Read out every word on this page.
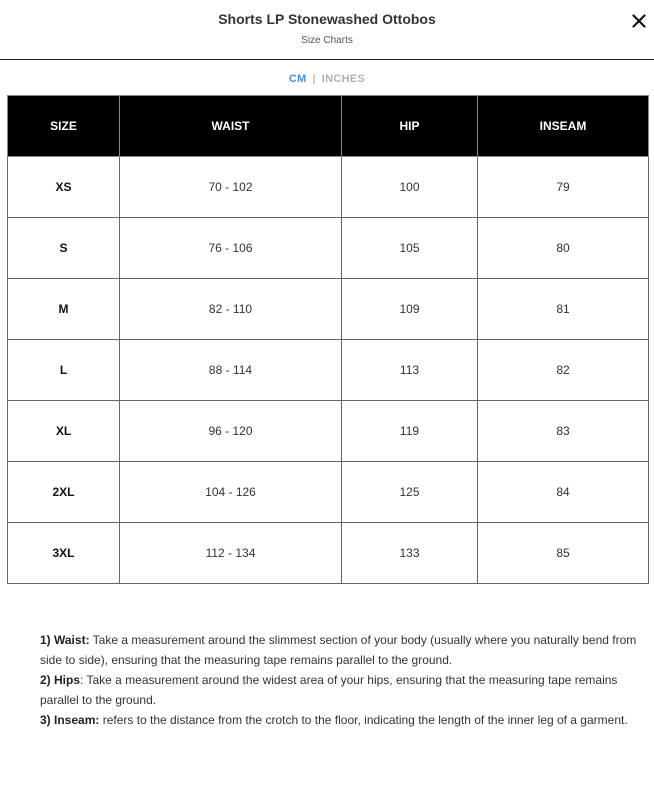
Shorts LP Stonewashed Ottobos
Size Charts
CM | INCHES
SIZE	WAIST	HIP	INSEAM
XS	70 - 102	100	79
S	76 - 106	105	80
M	82 - 110	109	81
L	88 - 114	113	82
XL	96 - 120	119	83
2XL	104 - 126	125	84
3XL	112 - 134	133	85

1) Waist: Take a measurement around the slimmest section of your body (usually where you naturally bend from side to side), ensuring that the measuring tape remains parallel to the ground.

2) Hips: Take a measurement around the widest area of your hips, ensuring that the measuring tape remains parallel to the ground.

3) Inseam: refers to the distance from the crotch to the floor, indicating the length of the inner leg of a garment.
